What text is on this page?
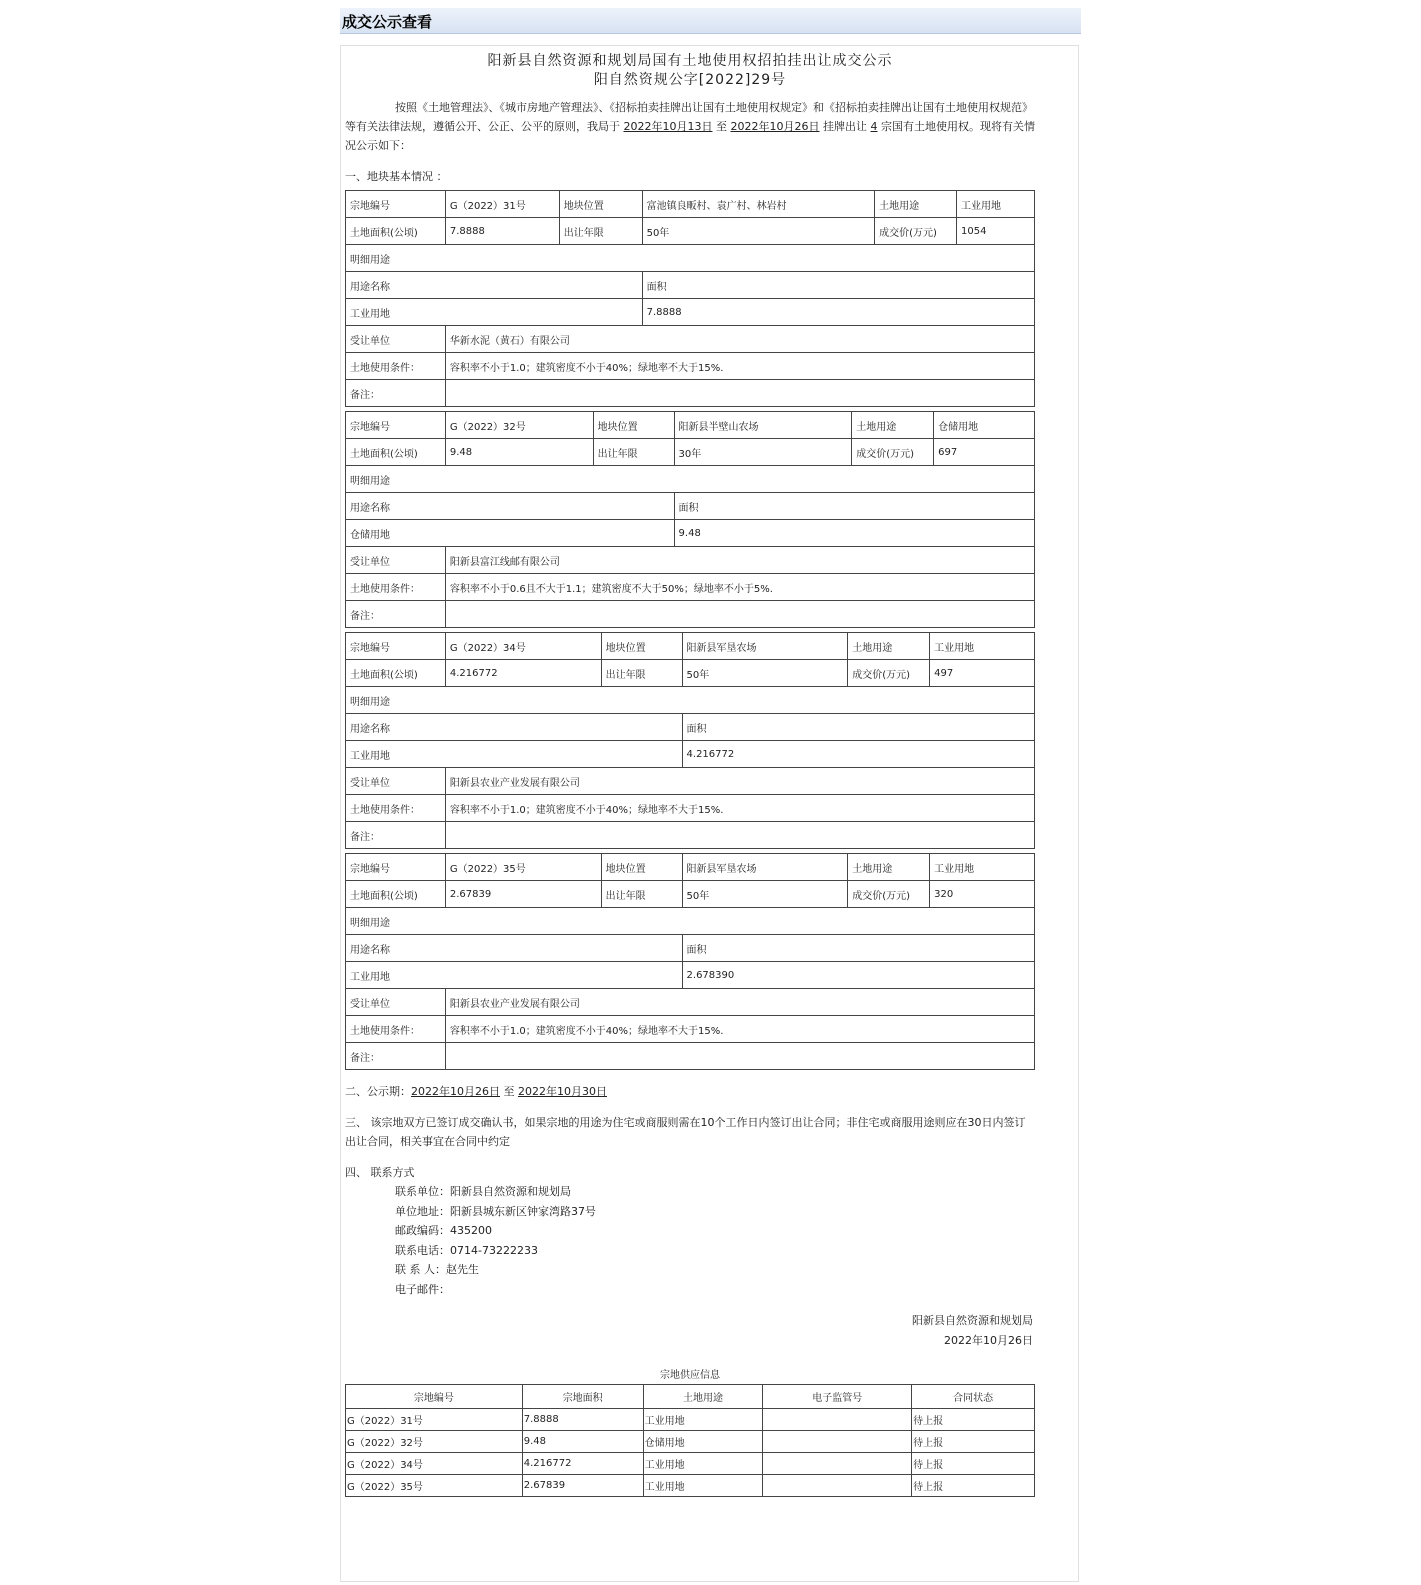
成交公示查看
阳新县自然资源和规划局国有土地使用权招拍挂出让成交公示
阳自然资规公字[2022]29号
按照《土地管理法》、《城市房地产管理法》、《招标拍卖挂牌出让国有土地使用权规定》和《招标拍卖挂牌出让国有土地使用权规范》等有关法律法规，遵循公开、公正、公平的原则，我局于 2022年10月13日 至 2022年10月26日 挂牌出让 4 宗国有土地使用权。现将有关情况公示如下：
一、地块基本情况 ：
宗地编号	G（2022）31号	地块位置	富池镇良畈村、袁广村、林岩村	土地用途	工业用地
土地面积(公顷)	7.8888	出让年限	50年	成交价(万元)	1054
明细用途					
用途名称			面积		
工业用地			7.8888		
受让单位	华新水泥（黄石）有限公司				
土地使用条件：	容积率不小于1.0；建筑密度不小于40%；绿地率不大于15%.				
备注：					
宗地编号	G（2022）32号	地块位置	阳新县半壁山农场	土地用途	仓储用地
土地面积(公顷)	9.48	出让年限	30年	成交价(万元)	697
明细用途					
用途名称			面积		
仓储用地			9.48		
受让单位	阳新县富江线邮有限公司				
土地使用条件：	容积率不小于0.6且不大于1.1；建筑密度不大于50%；绿地率不小于5%.				
备注：					
宗地编号	G（2022）34号	地块位置	阳新县军垦农场	土地用途	工业用地
土地面积(公顷)	4.216772	出让年限	50年	成交价(万元)	497
明细用途					
用途名称			面积		
工业用地			4.216772		
受让单位	阳新县农业产业发展有限公司				
土地使用条件：	容积率不小于1.0；建筑密度不小于40%；绿地率不大于15%.				
备注：					
宗地编号	G（2022）35号	地块位置	阳新县军垦农场	土地用途	工业用地
土地面积(公顷)	2.67839	出让年限	50年	成交价(万元)	320
明细用途					
用途名称			面积		
工业用地			2.678390		
受让单位	阳新县农业产业发展有限公司				
土地使用条件：	容积率不小于1.0；建筑密度不小于40%；绿地率不大于15%.				
备注：					
二、公示期：2022年10月26日 至 2022年10月30日
三、 该宗地双方已签订成交确认书，如果宗地的用途为住宅或商服则需在10个工作日内签订出让合同；非住宅或商服用途则应在30日内签订出让合同，相关事宜在合同中约定
四、 联系方式
联系单位：阳新县自然资源和规划局
单位地址：阳新县城东新区钟家湾路37号
邮政编码：435200
联系电话：0714-73222233
联 系 人：赵先生
电子邮件：
阳新县自然资源和规划局
2022年10月26日
宗地供应信息
宗地编号	宗地面积	土地用途	电子监管号	合同状态
G（2022）31号	7.8888	工业用地		待上报
G（2022）32号	9.48	仓储用地		待上报
G（2022）34号	4.216772	工业用地		待上报
G（2022）35号	2.67839	工业用地		待上报
